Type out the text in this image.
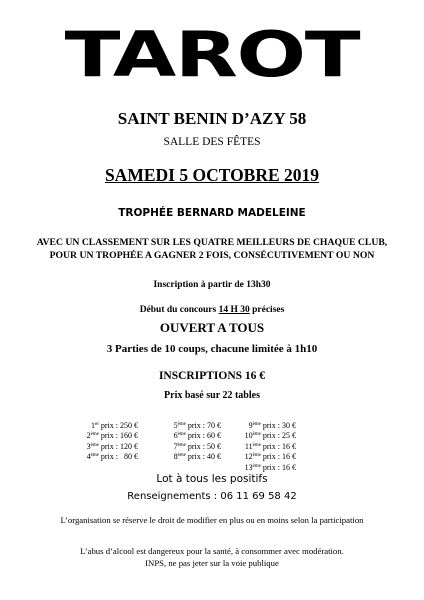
TAROT
SAINT BENIN D’AZY 58
SALLE DES FÊTES
SAMEDI 5 OCTOBRE 2019
TROPHÉE BERNARD MADELEINE
AVEC UN CLASSEMENT SUR LES QUATRE MEILLEURS DE CHAQUE CLUB,
POUR UN TROPHÉE A GAGNER 2 FOIS, CONSÉCUTIVEMENT OU NON
Inscription à partir de 13h30
Début du concours 14 H 30 précises
OUVERT A TOUS
3 Parties de 10 coups, chacune limitée à 1h10
INSCRIPTIONS 16 €
Prix basé sur 22 tables
1er prix : 250 €
2ème prix : 160 €
3ème prix : 120 €
4ème prix :   80 €
5ème prix : 70 €
6ème prix : 60 €
7ème prix : 50 €
8ème prix : 40 €
9ème prix : 30 €
10ème prix : 25 €
11ème prix : 16 €
12ème prix : 16 €
13ème prix : 16 €
Lot à tous les positifs
Renseignements : 06 11 69 58 42
L’organisation se réserve le droit de modifier en plus ou en moins selon la participation
L’abus d’alcool est dangereux pour la santé, à consommer avec modération.
INPS, ne pas jeter sur la voie publique
